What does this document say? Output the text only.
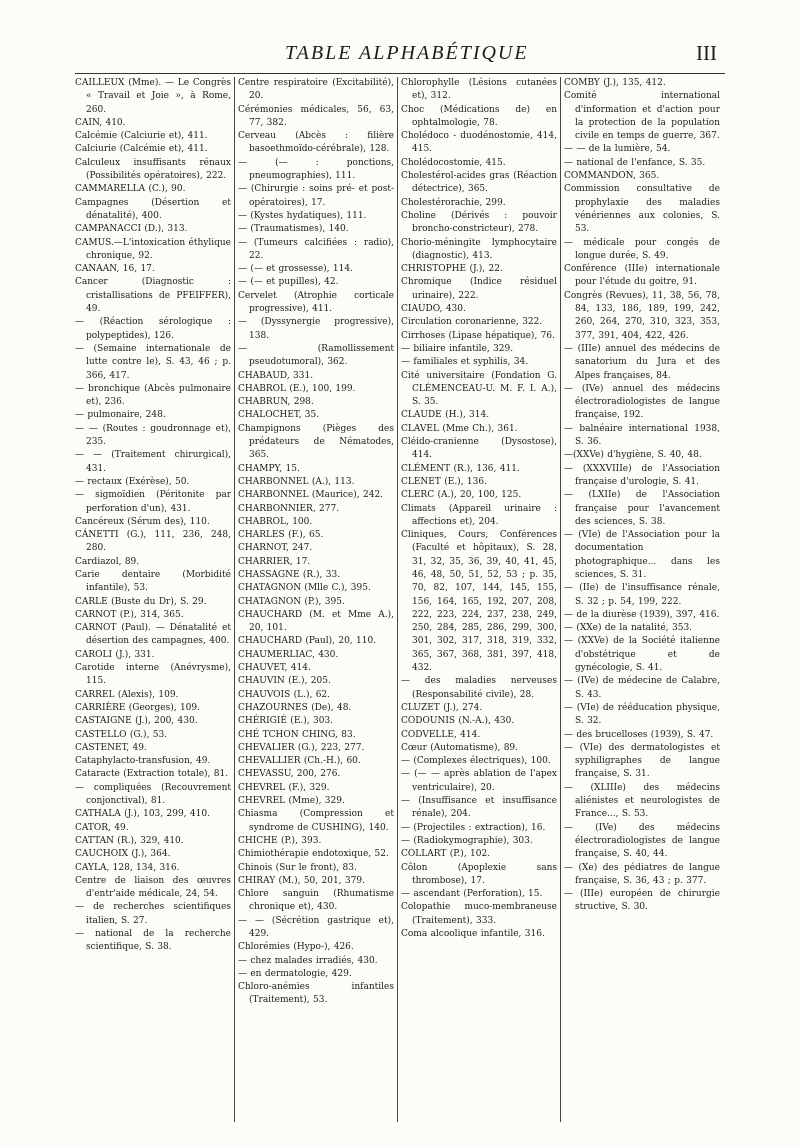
TABLE ALPHABÉTIQUE	III
CAILLEUX (Mme). — Le Congrès « Travail et Joie », à Rome, 260.
CAIN, 410.
Calcémie (Calciurie et), 411.
Calciurie (Calcémie et), 411.
Calculeux insuffisants rénaux (Possibilités opératoires), 222.
CAMMARELLA (C.), 90.
Campagnes (Désertion et dénatalité), 400.
CAMPANACCI (D.), 313.
CAMUS.—L'intoxication éthylique chronique, 92.
CANAAN, 16, 17.
Cancer (Diagnostic : cristallisations de PFEIFFER), 49.
— (Réaction sérologique : polypeptides), 126.
— (Semaine internationale de lutte contre le), S. 43, 46 ; p. 366, 417.
— bronchique (Abcès pulmonaire et), 236.
— pulmonaire, 248.
— — (Routes : goudronnage et), 235.
— — (Traitement chirurgical), 431.
— rectaux (Exérèse), 50.
— sigmoïdien (Péritonite par perforation d'un), 431.
Cancéreux (Sérum des), 110.
CÁNETTI (G.), 111, 236, 248, 280.
Cardiazol, 89.
Carie dentaire (Morbidité infantile), 53.
CARLE (Buste du Dr), S. 29.
CARNOT (P.), 314, 365.
CARNOT (Paul). — Dénatalité et désertion des campagnes, 400.
CAROLI (J.), 331.
Carotide interne (Anévrysme), 115.
CARREL (Alexis), 109.
CARRIÈRE (Georges), 109.
CASTAIGNE (J.), 200, 430.
CASTELLO (G.), 53.
CASTENET, 49.
Cataphylacto-transfusion, 49.
Cataracte (Extraction totale), 81.
— compliquées (Recouvrement conjonctival), 81.
CATHALA (J.), 103, 299, 410.
CATOR, 49.
CATTAN (R.), 329, 410.
CAUCHOIX (J.), 364.
CAYLA, 128, 134, 316.
Centre de liaison des œuvres d'entr'aide médicale, 24, 54.
— de recherches scientifiques italien, S. 27.
— national de la recherche scientifique, S. 38.
Centre respiratoire (Excitabilité), 20.
Cérémonies médicales, 56, 63, 77, 382.
Cerveau (Abcès : filière basoethmoïdo-cérébrale), 128.
— (— : ponctions, pneumographies), 111.
— (Chirurgie : soins pré- et post-opératoires), 17.
— (Kystes hydatiques), 111.
— (Traumatismes), 140.
— (Tumeurs calcifiées : radio), 22.
— (— et grossesse), 114.
— (— et pupilles), 42.
Cervelet (Atrophie corticale progressive), 411.
— (Dyssynergie progressive), 138.
— (Ramollissement pseudotumoral), 362.
CHABAUD, 331.
CHABROL (E.), 100, 199.
CHABRUN, 298.
CHALOCHET, 35.
Champignons (Pièges des prédateurs de Nématodes, 365.
CHAMPY, 15.
CHARBONNEL (A.), 113.
CHARBONNEL (Maurice), 242.
CHARBONNIER, 277.
CHABROL, 100.
CHARLES (F.), 65.
CHARNOT, 247.
CHARRIER, 17.
CHASSAGNE (R.), 33.
CHATAGNON (Mlle C.), 395.
CHATAGNON (P.), 395.
CHAUCHARD (M. et Mme A.), 20, 101.
CHAUCHARD (Paul), 20, 110.
CHAUMERLIAC, 430.
CHAUVET, 414.
CHAUVIN (E.), 205.
CHAUVOIS (L.), 62.
CHAZOURNES (De), 48.
CHÉRIGIÉ (E.), 303.
CHÉ TCHON CHING, 83.
CHEVALIER (G.), 223, 277.
CHEVALLIER (Ch.-H.), 60.
CHEVASSU, 200, 276.
CHEVREL (F.), 329.
CHEVREL (Mme), 329.
Chiasma (Compression et syndrome de CUSHING), 140.
CHICHE (P.), 393.
Chimiothérapie endotoxique, 52.
Chinois (Sur le front), 83.
CHIRAY (M.), 50, 201, 379.
Chlore sanguin (Rhumatisme chronique et), 430.
— — (Sécrétion gastrique et), 429.
Chlorémies (Hypo-), 426.
— chez malades irradiés, 430.
— en dermatologie, 429.
Chloro-anémies infantiles (Traitement), 53.
Chlorophylle (Lésions cutanées et), 312.
Choc (Médications de) en ophtalmologie, 78.
Cholédoco - duodénostomie, 414, 415.
Cholédocostomie, 415.
Cholestérol-acides gras (Réaction détectrice), 365.
Cholestérorachie, 299.
Choline (Dérivés : pouvoir broncho-constricteur), 278.
Chorio-méningite lymphocytaire (diagnostic), 413.
CHRISTOPHE (J.), 22.
Chromique (Indice résiduel urinaire), 222.
CIAUDO, 430.
Circulation coronarienne, 322.
Cirrhoses (Lipase hépatique), 76.
— biliaire infantile, 329.
— familiales et syphilis, 34.
Cité universitaire (Fondation G. CLÉMENCEAU-U. M. F. I. A.), S. 35.
CLAUDE (H.), 314.
CLAVEL (Mme Ch.), 361.
Cléido-cranienne (Dysostose), 414.
CLÉMENT (R.), 136, 411.
CLENET (E.), 136.
CLERC (A.), 20, 100, 125.
Climats (Appareil urinaire : affections et), 204.
Cliniques, Cours, Conférences (Faculté et hôpitaux), S. 28, 31, 32, 35, 36, 39, 40, 41, 45, 46, 48, 50, 51, 52, 53 ; p. 35, 70, 82, 107, 144, 145, 155, 156, 164, 165, 192, 207, 208, 222, 223, 224, 237, 238, 249, 250, 284, 285, 286, 299, 300, 301, 302, 317, 318, 319, 332, 365, 367, 368, 381, 397, 418, 432.
— des maladies nerveuses (Responsabilité civile), 28.
CLUZET (J.), 274.
CODOUNIS (N.-A.), 430.
CODVELLE, 414.
Cœur (Automatisme), 89.
— (Complexes électriques), 100.
— (— — après ablation de l'apex ventriculaire), 20.
— (Insuffisance et insuffisance rénale), 204.
— (Projectiles : extraction), 16.
— (Radiokymographie), 303.
COLLART (P.), 102.
Côlon (Apoplexie sans thrombose), 17.
— ascendant (Perforation), 15.
Colopathie muco-membraneuse (Traitement), 333.
Coma alcoolique infantile, 316.
COMBY (J.), 135, 412.
Comité international d'information et d'action pour la protection de la population civile en temps de guerre, 367.
— — de la lumière, 54.
— national de l'enfance, S. 35.
COMMANDON, 365.
Commission consultative de prophylaxie des maladies vénériennes aux colonies, S. 53.
— médicale pour congés de longue durée, S. 49.
Conférence (IIIe) internationale pour l'étude du goitre, 91.
Congrès (Revues), 11, 38, 56, 78, 84, 133, 186, 189, 199, 242, 260, 264, 270, 310, 323, 353, 377, 391, 404, 422, 426.
— (IIIe) annuel des médecins de sanatorium du Jura et des Alpes françaises, 84.
— (IVe) annuel des médecins électroradiologistes de langue française, 192.
— balnéaire international 1938, S. 36.
—(XXVe) d'hygiène, S. 40, 48.
— (XXXVIIIe) de l'Association française d'urologie, S. 41.
— (LXIIe) de l'Association française pour l'avancement des sciences, S. 38.
— (VIe) de l'Association pour la documentation photographique... dans les sciences, S. 31.
— (IIe) de l'insuffisance rénale, S. 32 ; p. 54, 199, 222.
— de la diurèse (1939), 397, 416.
— (XXe) de la natalité, 353.
— (XXVe) de la Société italienne d'obstétrique et de gynécologie, S. 41.
— (IVe) de médecine de Calabre, S. 43.
— (VIe) de rééducation physique, S. 32.
— des brucelloses (1939), S. 47.
— (VIe) des dermatologistes et syphiligraphes de langue française, S. 31.
— (XLIIIe) des médecins aliénistes et neurologistes de France..., S. 53.
— (IVe) des médecins électroradiologistes de langue française, S. 40, 44.
— (Xe) des pédiatres de langue française, S. 36, 43 ; p. 377.
— (IIIe) européen de chirurgie structive, S. 30.
